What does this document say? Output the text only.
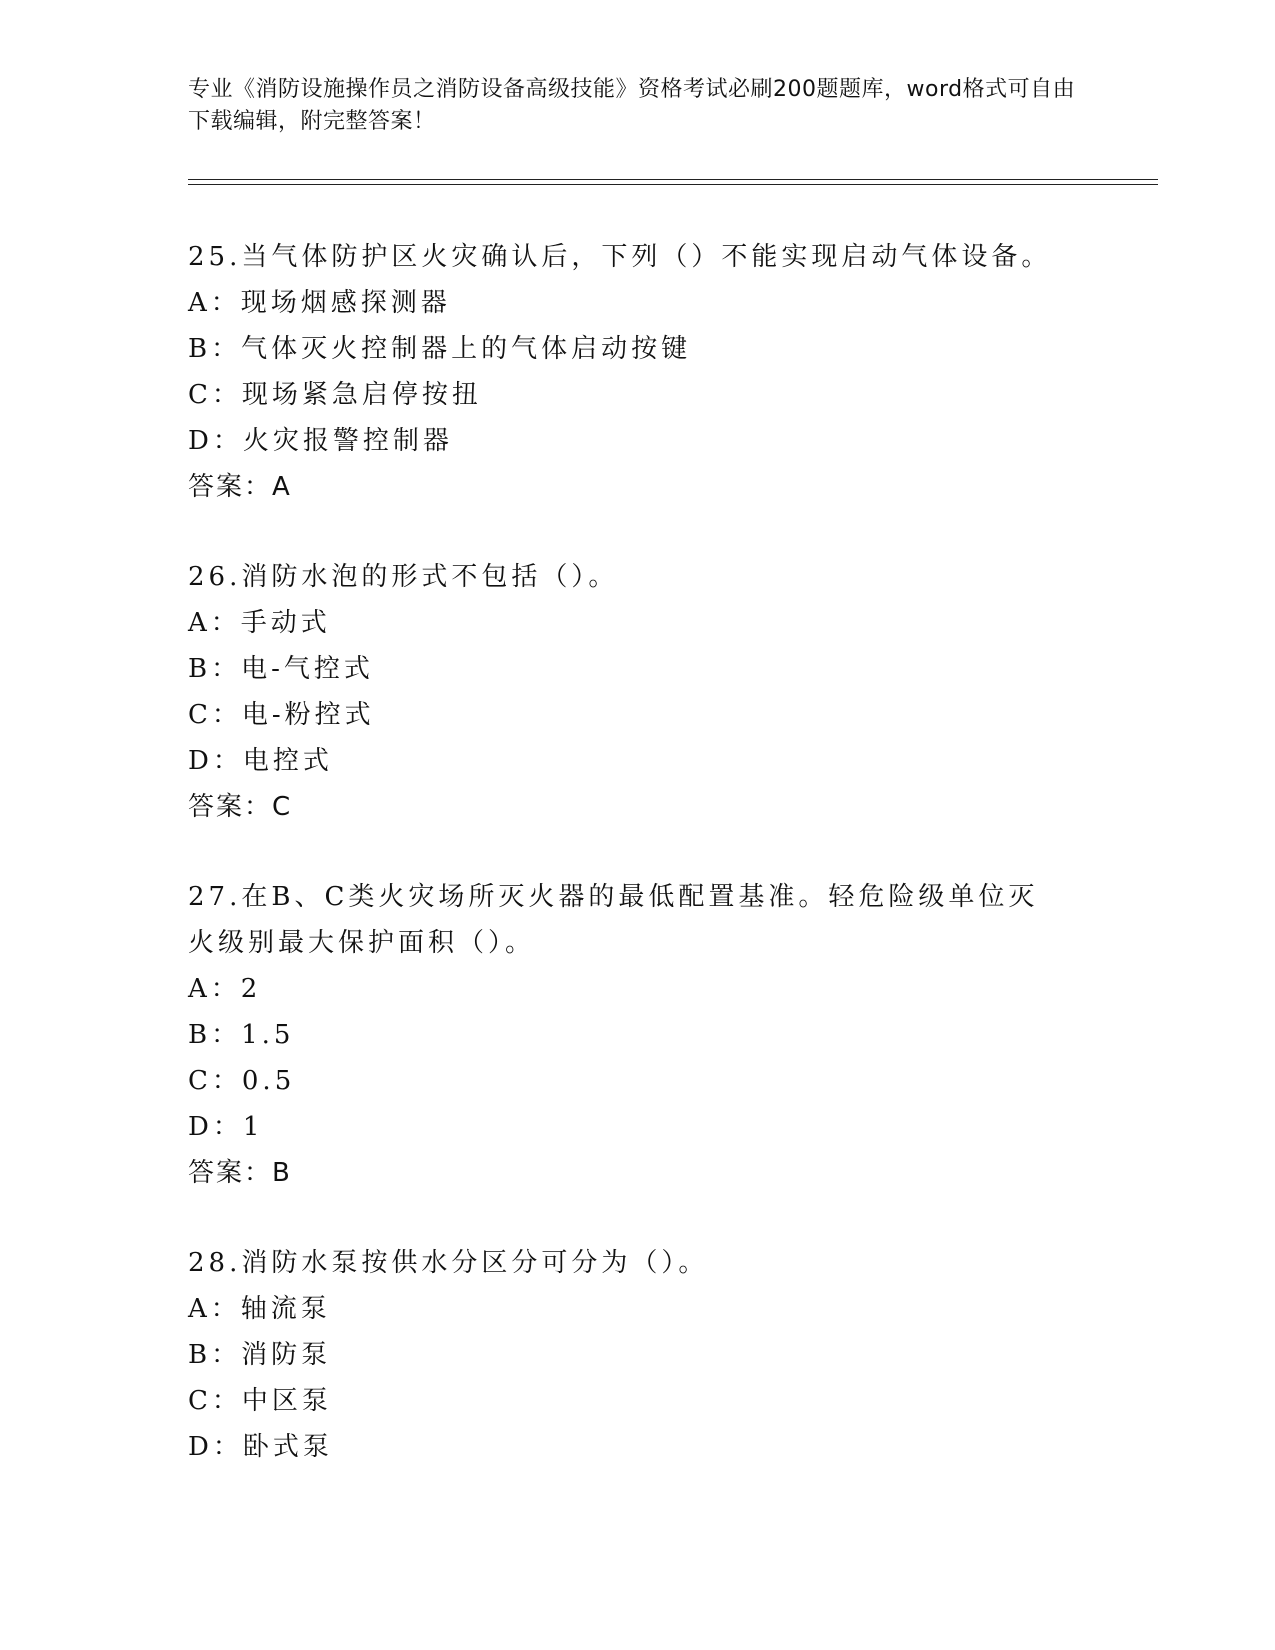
专业《消防设施操作员之消防设备高级技能》资格考试必刷200题题库，word格式可自由下载编辑，附完整答案！
25.当气体防护区火灾确认后，下列（）不能实现启动气体设备。
A：现场烟感探测器
B：气体灭火控制器上的气体启动按键
C：现场紧急启停按扭
D：火灾报警控制器
答案：A
26.消防水泡的形式不包括（）。
A：手动式
B：电-气控式
C：电-粉控式
D：电控式
答案：C
27.在B、C类火灾场所灭火器的最低配置基准。轻危险级单位灭火级别最大保护面积（）。
A：2
B：1.5
C：0.5
D：1
答案：B
28.消防水泵按供水分区分可分为（）。
A：轴流泵
B：消防泵
C：中区泵
D：卧式泵
